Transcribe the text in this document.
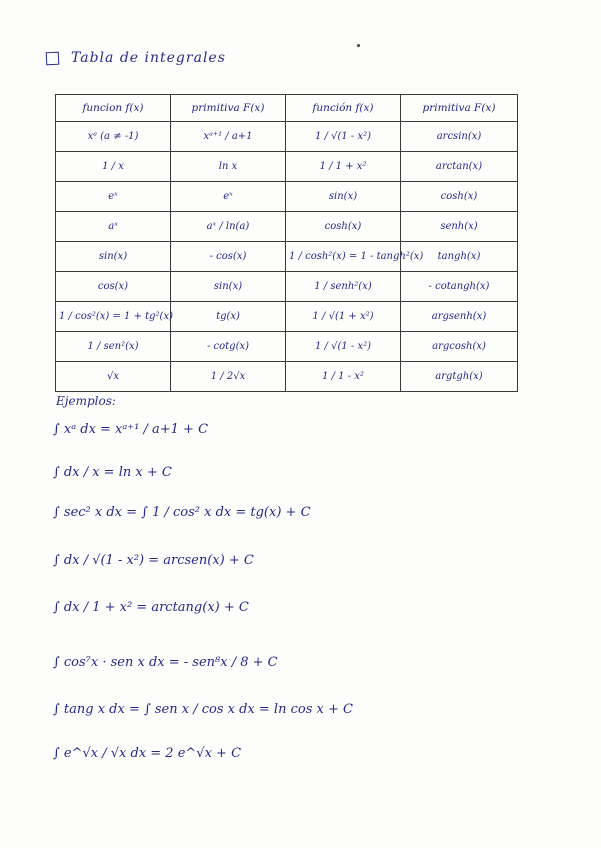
Tabla de integrales
funcion f(x)	primitiva F(x)	función f(x)	primitiva F(x)
xᵃ (a ≠ -1)	xᵃ⁺¹ / a+1	1 / √(1 - x²)	arcsin(x)
1 / x	ln x	1 / 1 + x²	arctan(x)
eˣ	eˣ	sin(x)	cosh(x)
aˣ	aˣ / ln(a)	cosh(x)	senh(x)
sin(x)	- cos(x)	1 / cosh²(x) = 1 - tangh²(x)	tangh(x)
cos(x)	sin(x)	1 / senh²(x)	- cotangh(x)
1 / cos²(x) = 1 + tg²(x)	tg(x)	1 / √(1 + x²)	argsenh(x)
1 / sen²(x)	- cotg(x)	1 / √(1 - x²)	argcosh(x)
√x	1 / 2√x	1 / 1 - x²	argtgh(x)
Ejemplos:
∫ xᵃ dx = xᵃ⁺¹ / a+1 + C
∫ dx / x = ln x + C
∫ sec² x dx = ∫ 1 / cos² x dx = tg(x) + C
∫ dx / √(1 - x²) = arcsen(x) + C
∫ dx / 1 + x² = arctang(x) + C
∫ cos⁷x · sen x dx = - sen⁸x / 8 + C
∫ tang x dx = ∫ sen x / cos x dx = ln cos x + C
∫ e^√x / √x dx = 2 e^√x + C
